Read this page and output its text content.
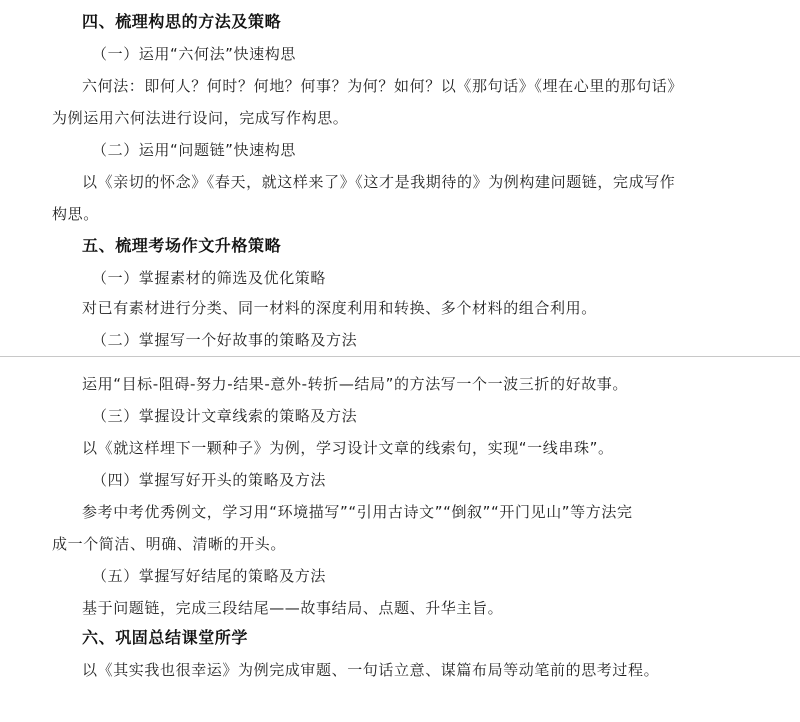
四、梳理构思的方法及策略
（一）运用“六何法”快速构思
六何法：即何人？何时？何地？何事？为何？如何？以《那句话》《埋在心里的那句话》
为例运用六何法进行设问，完成写作构思。
（二）运用“问题链”快速构思
以《亲切的怀念》《春天，就这样来了》《这才是我期待的》为例构建问题链，完成写作
构思。
五、梳理考场作文升格策略
（一）掌握素材的筛选及优化策略
对已有素材进行分类、同一材料的深度利用和转换、多个材料的组合利用。
（二）掌握写一个好故事的策略及方法
运用“目标-阻碍-努力-结果-意外-转折—结局”的方法写一个一波三折的好故事。
（三）掌握设计文章线索的策略及方法
以《就这样埋下一颗种子》为例，学习设计文章的线索句，实现“一线串珠”。
（四）掌握写好开头的策略及方法
参考中考优秀例文，学习用“环境描写”“引用古诗文”“倒叙”“开门见山”等方法完
成一个简洁、明确、清晰的开头。
（五）掌握写好结尾的策略及方法
基于问题链，完成三段结尾——故事结局、点题、升华主旨。
六、巩固总结课堂所学
以《其实我也很幸运》为例完成审题、一句话立意、谋篇布局等动笔前的思考过程。
